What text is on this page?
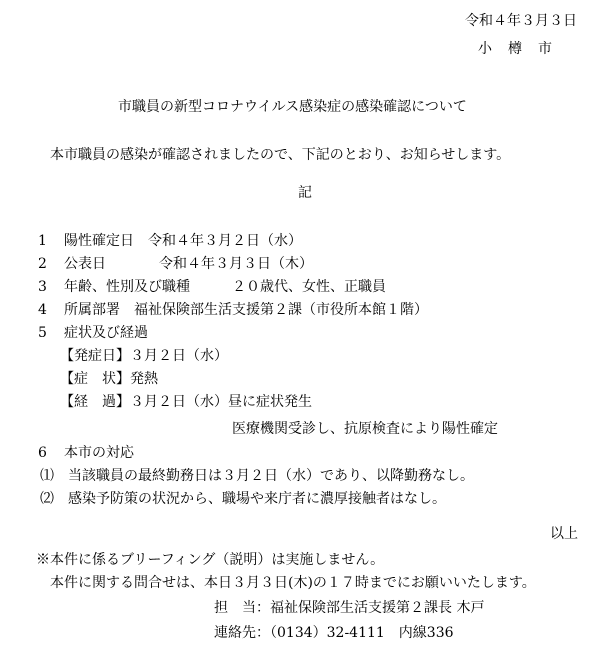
令和４年３月３日
小　樽　市
市職員の新型コロナウイルス感染症の感染確認について
本市職員の感染が確認されましたので、下記のとおり、お知らせします。
記
1 陽性確定日　 令和４年３月２日（水）
2 公表日	令和４年３月３日（木）
3 年齢、性別及び職種　　　	２０歳代、女性、正職員
4 所属部署　 福祉保険部生活支援第２課（市役所本館１階）
5 症状及び経過
【発症日】３月２日（水）
【症　状】発熱
【経　過】３月２日（水）昼に症状発生
医療機関受診し、抗原検査により陽性確定
6 本市の対応
⑴　当該職員の最終勤務日は３月２日（水）であり、以降勤務なし。
⑵　感染予防策の状況から、職場や来庁者に濃厚接触者はなし。
以上
※本件に係るブリーフィング（説明）は実施しません。
本件に関する問合せは、本日３月３日(木)の１７時までにお願いいたします。
担　当：福祉保険部生活支援第２課長 木戸
連絡先：（0134）32-4111　内線336
